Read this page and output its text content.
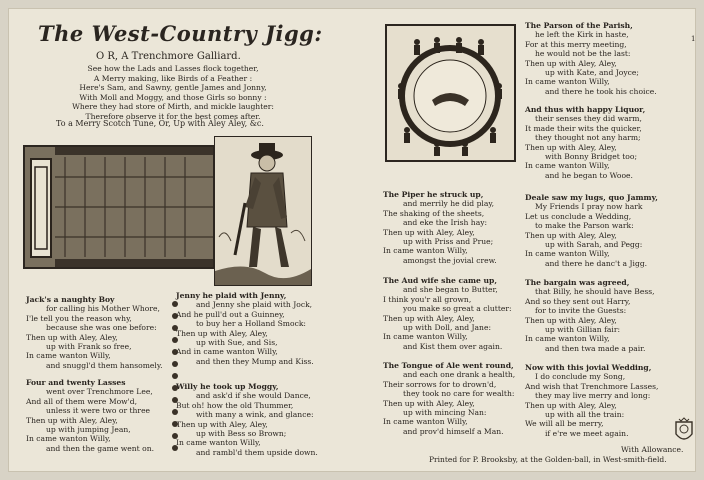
The West-Country Jigg:
O R, A Trenchmore Galliard.
1
See how the Lads and Lasses flock together,
A Merry making, like Birds of a Feather :
Here's Sam, and Sawny, gentle James and Jonny,
With Moll and Moggy, and those Girls so bonny :
Where they had store of Mirth, and mickle laughter:
Therefore observe it for the best comes after.
To a Merry Scotch Tune, Or, Up with Aley Aley, &c.
Jack's a naughty Boy
for calling his Mother Whore,
I'le tell you the reason why,
because she was one before:
Then up with Aley, Aley,
up with Frank so free,
In came wanton Willy,
and snuggl'd them hansomely.
Four and twenty Lasses
went over Trenchmore Lee,
And all of them were Mow'd,
unless it were two or three
Then up with Aley, Aley,
up with jumping Jean,
In came wanton Willy,
and then the game went on.
Jenny he plaid with Jenny,
and Jenny she plaid with Jock,
And he pull'd out a Guinney,
to buy her a Holland Smock:
Then up with Aley, Aley,
up with Sue, and Sis,
And in came wanton Willy,
and then they Mump and Kiss.
Willy he took up Moggy,
and ask'd if she would Dance,
But oh! how the old Thummer,
with many a wink, and glance:
Then up with Aley, Aley,
up with Bess so Brown;
In came wanton Willy,
and rambl'd them upside down.
The Piper he struck up,
and merrily he did play,
The shaking of the sheets,
and eke the Irish hay:
Then up with Aley, Aley,
up with Priss and Prue;
In came wanton Willy,
amongst the jovial crew.
The Aud wife she came up,
and she began to Butter,
I think you'r all grown,
you make so great a clutter:
Then up with Aley, Aley,
up with Doll, and Jane:
In came wanton Willy,
and Kist them over again.
The Tongue of Ale went round,
and each one drank a health,
Their sorrows for to drown'd,
they took no care for wealth:
Then up with Aley, Aley,
up with mincing Nan:
In came wanton Willy,
and prov'd himself a Man.
The Parson of the Parish,
he left the Kirk in haste,
For at this merry meeting,
he would not be the last:
Then up with Aley, Aley,
up with Kate, and Joyce;
In came wanton Willy,
and there he took his choice.
And thus with happy Liquor,
their senses they did warm,
It made their wits the quicker,
they thought not any harm;
Then up with Aley, Aley,
with Bonny Bridget too;
In came wanton Willy,
and he began to Wooe.
Deale saw my lugs, quo Jammy,
My Friends I pray now hark
Let us conclude a Wedding,
to make the Parson wark:
Then up with Aley, Aley,
up with Sarah, and Pegg:
In came wanton Willy,
and there he danc't a Jigg.
The bargain was agreed,
that Billy, he should have Bess,
And so they sent out Harry,
for to invite the Guests:
Then up with Aley, Aley,
up with Gillian fair:
In came wanton Willy,
and then twa made a pair.
Now with this jovial Wedding,
I do conclude my Song,
And wish that Trenchmore Lasses,
they may live merry and long:
Then up with Aley, Aley,
up with all the train:
We will all be merry,
if e're we meet again.
With Allowance.
Printed for P. Brooksby, at the Golden-ball, in West-smith-field.
